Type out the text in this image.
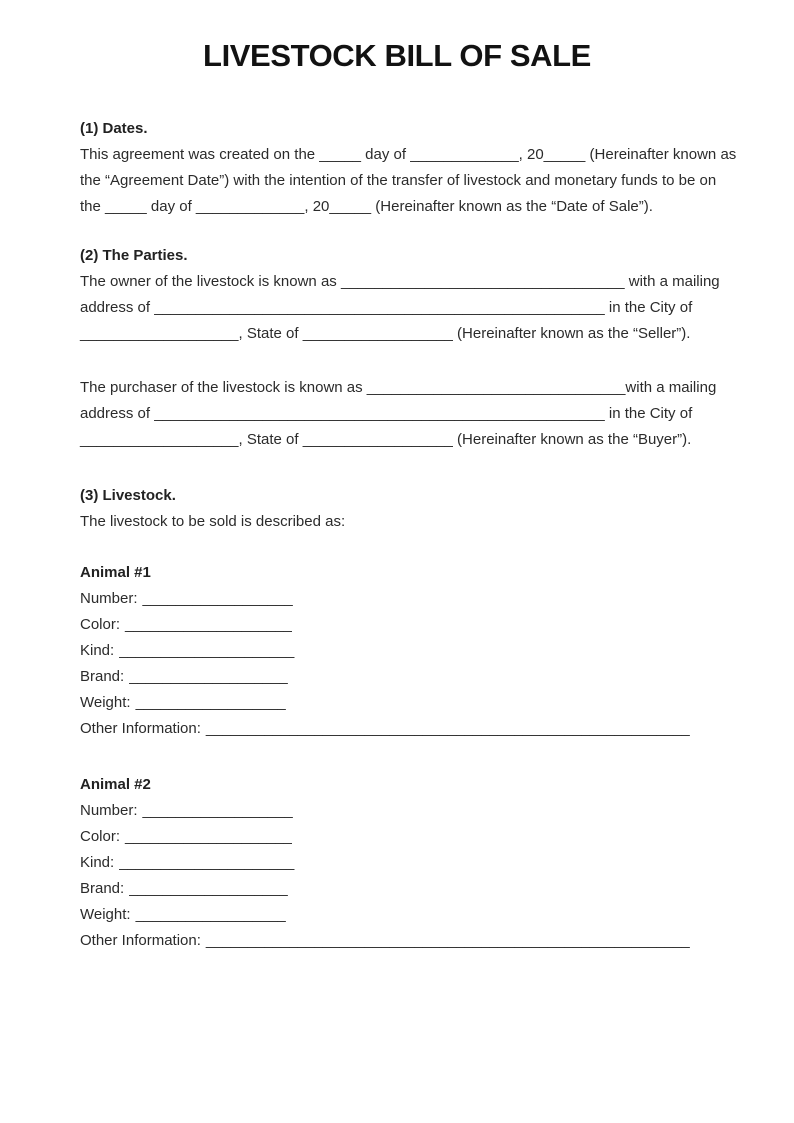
LIVESTOCK BILL OF SALE
(1) Dates.

This agreement was created on the _____ day of _____________, 20_____ (Hereinafter known as

the “Agreement Date”) with the intention of the transfer of livestock and monetary funds to be on

the _____ day of _____________, 20_____ (Hereinafter known as the “Date of Sale”).

(2) The Parties.

The owner of the livestock is known as __________________________________ with a mailing

address of ______________________________________________________ in the City of

___________________, State of __________________ (Hereinafter known as the “Seller”).

The purchaser of the livestock is known as _______________________________with a mailing

address of ______________________________________________________ in the City of

___________________, State of __________________ (Hereinafter known as the “Buyer”).

(3) Livestock.

The livestock to be sold is described as:

Animal #1

Number: __________________

Color: ____________________

Kind: _____________________

Brand: ___________________

Weight: __________________

Other Information: __________________________________________________________

Animal #2

Number: __________________

Color: ____________________

Kind: _____________________

Brand: ___________________

Weight: __________________

Other Information: __________________________________________________________
